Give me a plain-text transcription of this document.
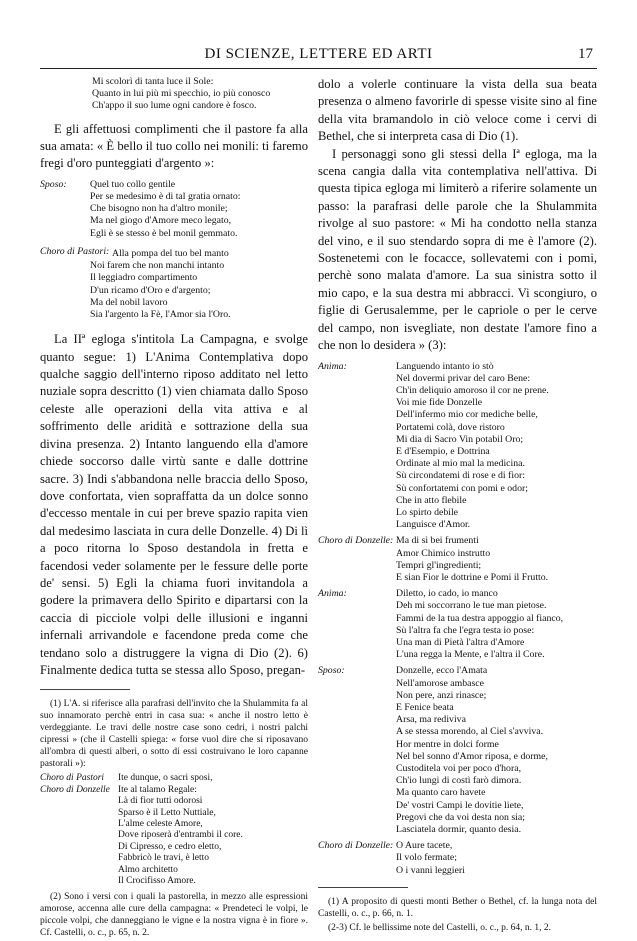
DI SCIENZE, LETTERE ED ARTI	17
Mi scolorì di tanta luce il Sole:
Quanto in lui più mi specchio, io più conosco
Ch'appo il suo lume ogni candore è fosco.

E gli affettuosi complimenti che il pastore fa alla sua amata: « È bello il tuo collo nei monili: ti faremo fregi d'oro punteggiati d'argento »:

Sposo:	Quel tuo collo gentile
Per se medesimo è di tal gratia ornato:
Che bisogno non ha d'altro monile;
Ma nel giogo d'Amore meco legato,
Egli è se stesso è bel monil gemmato.
Choro di Pastori: Alla pompa del tuo bel manto
Noi farem che non manchi intanto
Il leggiadro compartimento
D'un ricamo d'Oro e d'argento;
Ma del nobil lavoro
Sia l'argento la Fè, l'Amor sia l'Oro.

La IIª egloga s'intitola La Campagna, e svolge quanto segue: 1) L'Anima Contemplativa dopo qualche saggio dell'interno riposo additato nel letto nuziale sopra descritto (1) vien chiamata dallo Sposo celeste alle operazioni della vita attiva e al soffrimento delle aridità e sottrazione della sua divina presenza. 2) Intanto languendo ella d'amore chiede soccorso dalle virtù sante e dalle dottrine sacre. 3) Indi s'abbandona nelle braccia dello Sposo, dove confortata, vien sopraffatta da un dolce sonno d'eccesso mentale in cui per breve spazio rapita vien dal medesimo lasciata in cura delle Donzelle. 4) Di lì a poco ritorna lo Sposo destandola in fretta e facendosi veder solamente per le fessure delle porte de' sensi. 5) Egli la chiama fuori invitandola a godere la primavera dello Spirito e dipartarsi con la caccia di picciole volpi delle illusioni e inganni infernali arrivandole e facendone preda come che tendano solo a distruggere la vigna di Dio (2). 6) Finalmente dedica tutta se stessa allo Sposo, pregan-

(1) L'A. si riferisce alla parafrasi dell'invito che la Shulammita fa al suo innamorato perchè entri in casa sua: « anche il nostro letto è verdeggiante. Le travi delle nostre case sono cedri, i nostri palchi cipressi » (che il Castelli spiega: « forse vuol dire che si riposavano all'ombra di questi alberi, o sotto di essi costruivano le loro capanne pastorali »):

Choro di Pastori	Ite dunque, o sacri sposi,
Choro di Donzelle Ite al talamo Regale:
Là di fior tutti odorosi
Sparso è il Letto Nuttiale,
L'alme celeste Amore,
Dove riposerà d'entrambi il core.
Di Cipresso, e cedro eletto,
Fabbricò le travi, è letto
Almo architetto
Il Crocifisso Amore.

(2) Sono i versi con i quali la pastorella, in mezzo alle espressioni amorose, accenna alle cure della campagna: « Prendeteci le volpi, le piccole volpi, che danneggiano le vigne e la nostra vigna è in fiore ». Cf. Castelli, o. c., p. 65, n. 2.

dolo a volerle continuare la vista della sua beata presenza o almeno favorirle di spesse visite sino al fine della vita bramandolo in ciò veloce come i cervi di Bethel, che si interpreta casa di Dio (1).

I personaggi sono gli stessi della Iª egloga, ma la scena cangia dalla vita contemplativa nell'attiva. Di questa tipica egloga mi limiterò a riferire solamente un passo: la parafrasi delle parole che la Shulammita rivolge al suo pastore: « Mi ha condotto nella stanza del vino, e il suo stendardo sopra di me è l'amore (2). Sostenetemi con le focacce, sollevatemi con i pomi, perchè sono malata d'amore. La sua sinistra sotto il mio capo, e la sua destra mi abbracci. Vi scongiuro, o figlie di Gerusalemme, per le capriole o per le cerve del campo, non isvegliate, non destate l'amore fino a che non lo desidera » (3):

Anima:	Languendo intanto io stò
Nel dovermi privar del caro Bene:
Ch'in deliquio amoroso il cor ne prene.
Voi mie fide Donzelle
Dell'infermo mio cor mediche belle,
Portatemi colà, dove ristoro
Mi dia di Sacro Vin potabil Oro;
E d'Esempio, e Dottrina
Ordinate al mio mal la medicina.
Sù circondatemi di rose e di fior:
Sù confortatemi con pomi e odor;
Che in atto flebile
Lo spirto debile
Languisce d'Amor.
Choro di Donzelle: Ma di sì bei frumenti
Amor Chimico instrutto
Tempri gl'ingredienti;
E sian Fior le dottrine e Pomi il Frutto.
Anima:	Diletto, io cado, io manco
Deh mi soccorrano le tue man pietose.
Fammi de la tua destra appoggio al fianco,
Sù l'altra fa che l'egra testa io pose:
Una man di Pietà l'altra d'Amore
L'una regga la Mente, e l'altra il Core.
Sposo:	Donzelle, ecco l'Amata
Nell'amorose ambasce
Non pere, anzi rinasce;
E Fenice beata
Arsa, ma rediviva
A se stessa morendo, al Ciel s'avviva.
Hor mentre in dolci forme
Nel bel sonno d'Amor riposa, e dorme,
Custoditela voi per poco d'hora,
Ch'io lungi di costì farò dimora.
Ma quanto caro havete
De' vostri Campi le dovitie liete,
Pregovi che da voi desta non sia;
Lasciatela dormir, quanto desia.
Choro di Donzelle: O Aure tacete,
Il volo fermate;
O i vanni leggieri

(1) A proposito di questi monti Bether o Bethel, cf. la lunga nota del Castelli, o. c., p. 66, n. 1.

(2-3) Cf. le bellissime note del Castelli, o. c., p. 64, n. 1, 2.
